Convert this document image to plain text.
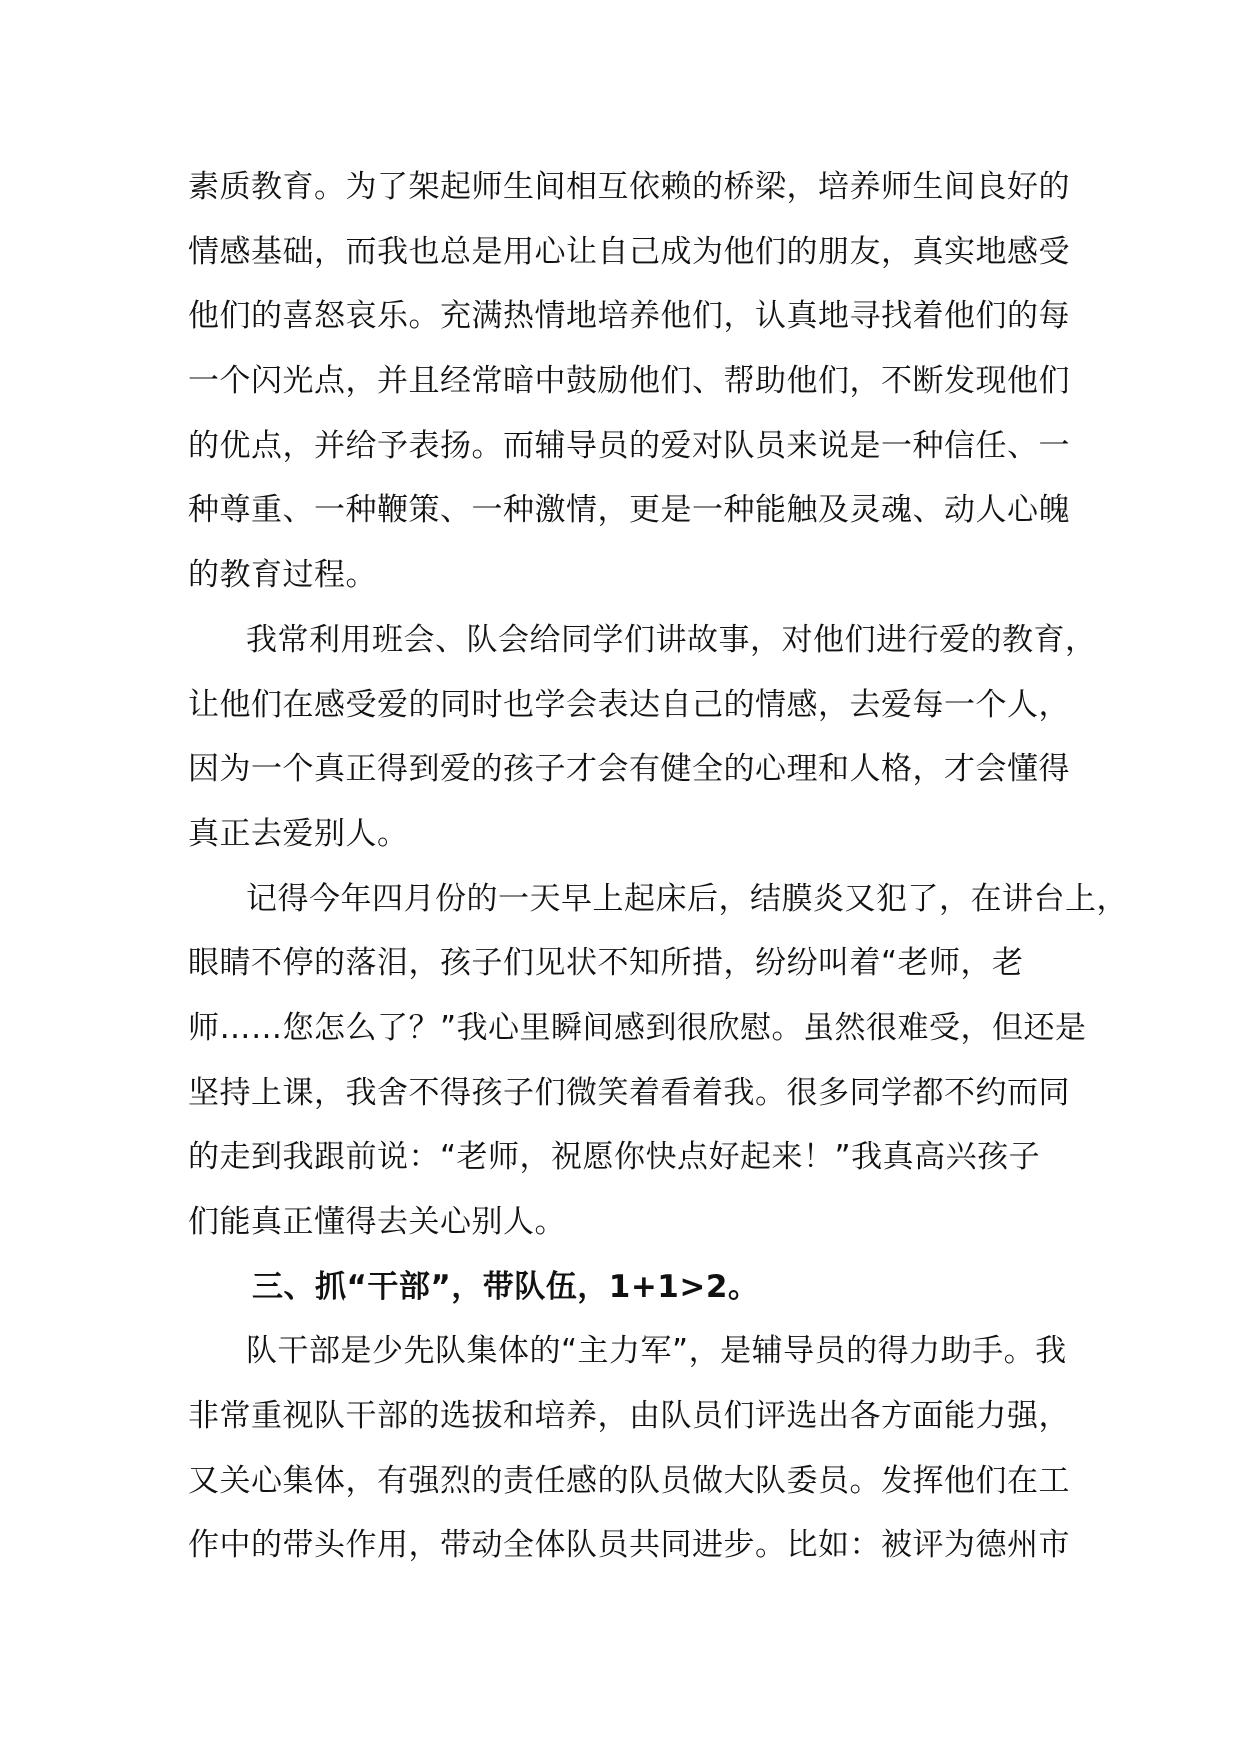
素质教育。为了架起师生间相互依赖的桥梁，培养师生间良好的
情感基础，而我也总是用心让自己成为他们的朋友，真实地感受
他们的喜怒哀乐。充满热情地培养他们，认真地寻找着他们的每
一个闪光点，并且经常暗中鼓励他们、帮助他们，不断发现他们
的优点，并给予表扬。而辅导员的爱对队员来说是一种信任、一
种尊重、一种鞭策、一种激情，更是一种能触及灵魂、动人心魄
的教育过程。
我常利用班会、队会给同学们讲故事，对他们进行爱的教育，
让他们在感受爱的同时也学会表达自己的情感，去爱每一个人，
因为一个真正得到爱的孩子才会有健全的心理和人格，才会懂得
真正去爱别人。
记得今年四月份的一天早上起床后，结膜炎又犯了，在讲台上，
眼睛不停的落泪，孩子们见状不知所措，纷纷叫着“老师，老
师……您怎么了？”我心里瞬间感到很欣慰。虽然很难受，但还是
坚持上课，我舍不得孩子们微笑着看着我。很多同学都不约而同
的走到我跟前说：“老师，祝愿你快点好起来！”我真高兴孩子
们能真正懂得去关心别人。
三、抓“干部”，带队伍，1+1>2。
队干部是少先队集体的“主力军”，是辅导员的得力助手。我
非常重视队干部的选拔和培养，由队员们评选出各方面能力强，
又关心集体，有强烈的责任感的队员做大队委员。发挥他们在工
作中的带头作用，带动全体队员共同进步。比如：被评为德州市
